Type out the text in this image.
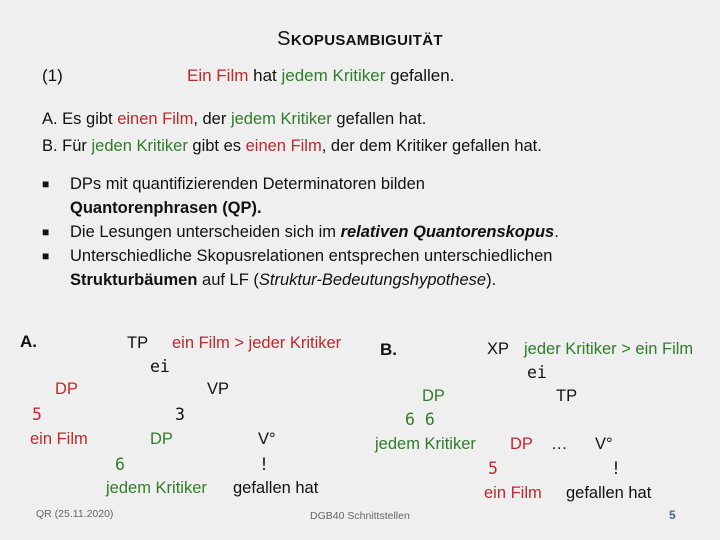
SKOPUSAMBIGUITÄT
(1)	Ein Film hat jedem Kritiker gefallen.
A. Es gibt einen Film, der jedem Kritiker gefallen hat.
B. Für jeden Kritiker gibt es einen Film, der dem Kritiker gefallen hat.
■ DPs mit quantifizierenden Determinatoren bilden
Quantorenphrasen (QP).
■ Die Lesungen unterscheiden sich im relativen Quantorenskopus.
■ Unterschiedliche Skopusrelationen entsprechen unterschiedlichen
Strukturbäumen auf LF (Struktur-Bedeutungshypothese).
A.	TP ein Film > jeder Kritiker
ei
DP	VP
5	3
ein Film	DP	V°
6	!
jedem Kritiker gefallen hat
B.	XP jeder Kritiker > ein Film
ei
DP	TP
6 6
jedem Kritiker DP … V°
5	!
ein Film gefallen hat
QR (25.11.2020)	DGB40 Schnittstellen	5
